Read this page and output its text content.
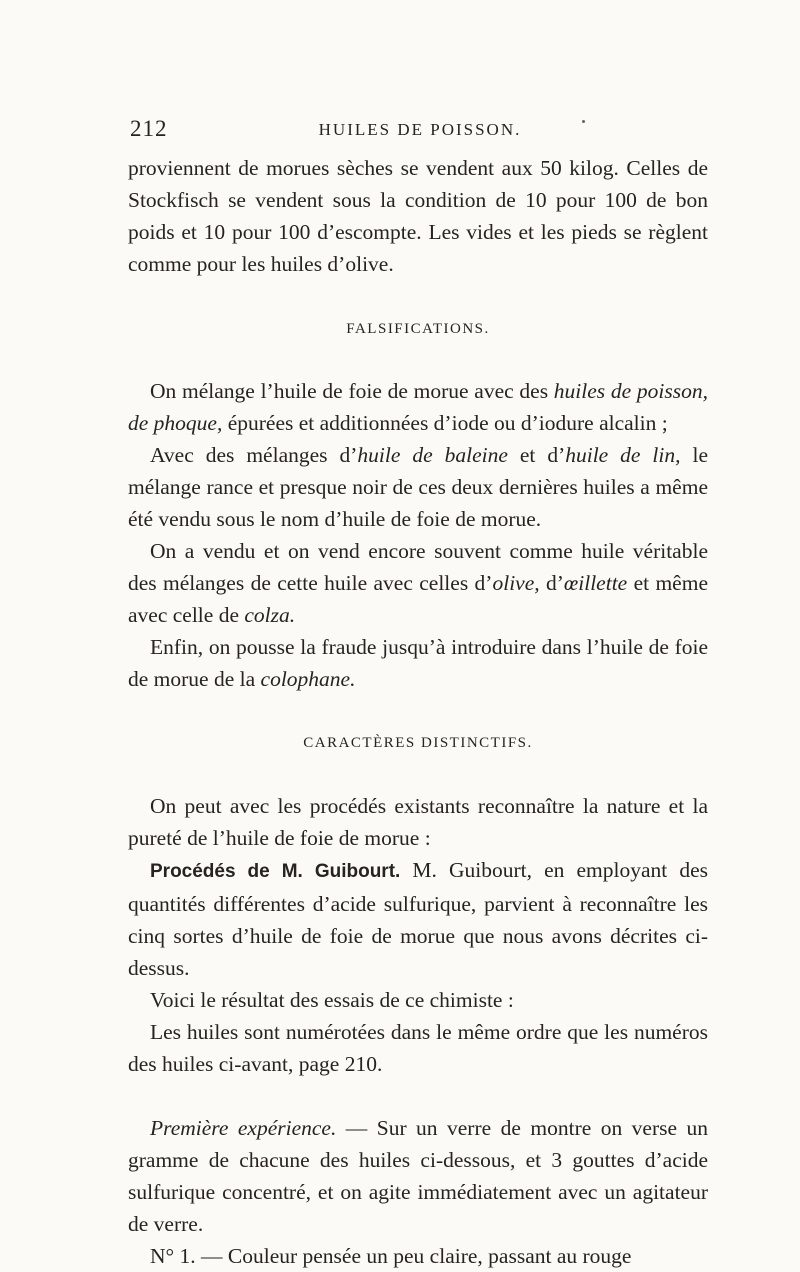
212	HUILES DE POISSON.

proviennent de morues sèches se vendent aux 50 kilog. Celles de Stockfisch se vendent sous la condition de 10 pour 100 de bon poids et 10 pour 100 d’escompte. Les vides et les pieds se règlent comme pour les huiles d’olive.

FALSIFICATIONS.

On mélange l’huile de foie de morue avec des huiles de poisson, de phoque, épurées et additionnées d’iode ou d’iodure alcalin ;

Avec des mélanges d’huile de baleine et d’huile de lin, le mélange rance et presque noir de ces deux dernières huiles a même été vendu sous le nom d’huile de foie de morue.

On a vendu et on vend encore souvent comme huile véritable des mélanges de cette huile avec celles d’olive, d’œillette et même avec celle de colza.

Enfin, on pousse la fraude jusqu’à introduire dans l’huile de foie de morue de la colophane.

CARACTÈRES DISTINCTIFS.

On peut avec les procédés existants reconnaître la nature et la pureté de l’huile de foie de morue :

Procédés de M. Guibourt. M. Guibourt, en employant des quantités différentes d’acide sulfurique, parvient à reconnaître les cinq sortes d’huile de foie de morue que nous avons décrites ci-dessus.

Voici le résultat des essais de ce chimiste :

Les huiles sont numérotées dans le même ordre que les numéros des huiles ci-avant, page 210.

Première expérience. — Sur un verre de montre on verse un gramme de chacune des huiles ci-dessous, et 3 gouttes d’acide sulfurique concentré, et on agite immédiatement avec un agitateur de verre.

N° 1. — Couleur pensée un peu claire, passant au rouge
